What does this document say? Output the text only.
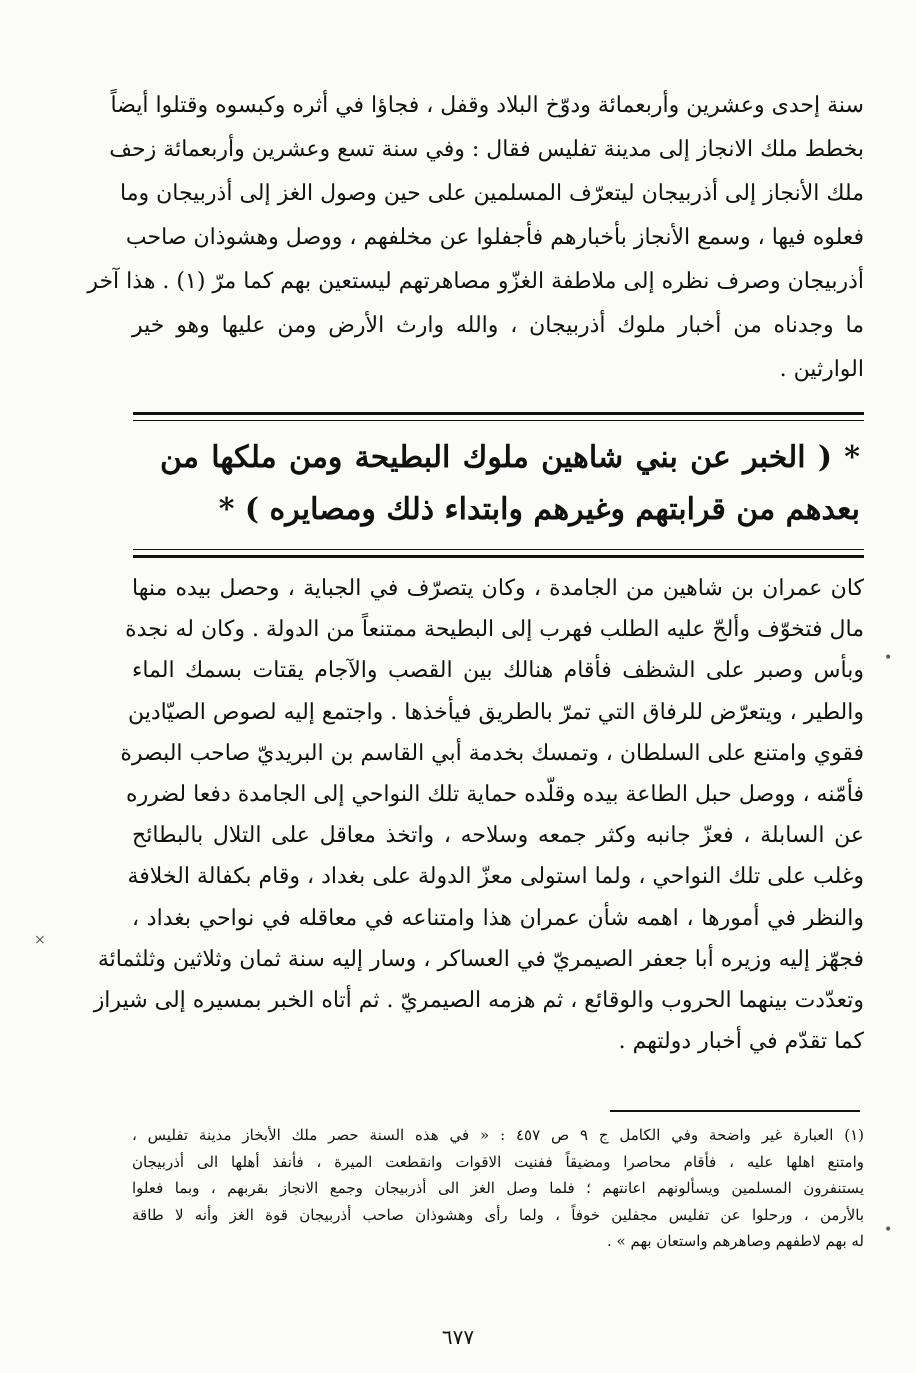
سنة إحدى وعشرين وأربعمائة ودوّخ البلاد وقفل ، فجاؤا في أثره وكبسوه وقتلوا أيضاً
بخطط ملك الانجاز إلى مدينة تفليس فقال : وفي سنة تسع وعشرين وأربعمائة زحف
ملك الأنجاز إلى أذربيجان ليتعرّف المسلمين على حين وصول الغز إلى أذربيجان وما
فعلوه فيها ، وسمع الأنجاز بأخبارهم فأجفلوا عن مخلفهم ، ووصل وهشوذان صاحب
أذربيجان وصرف نظره إلى ملاطفة الغزّو مصاهرتهم ليستعين بهم كما مرّ (١) . هذا آخر
ما وجدناه من أخبار ملوك أذربيجان ، والله وارث الأرض ومن عليها وهو خير
الوارثين .
* ( الخبر عن بني شاهين ملوك البطيحة ومن ملكها من
بعدهم من قرابتهم وغيرهم وابتداء ذلك ومصايره ) *
كان عمران بن شاهين من الجامدة ، وكان يتصرّف في الجباية ، وحصل بيده منها
مال فتخوّف وألحّ عليه الطلب فهرب إلى البطيحة ممتنعاً من الدولة . وكان له نجدة
وبأس وصبر على الشظف فأقام هنالك بين القصب والآجام يقتات بسمك الماء
والطير ، ويتعرّض للرفاق التي تمرّ بالطريق فيأخذها . واجتمع إليه لصوص الصيّادين
فقوي وامتنع على السلطان ، وتمسك بخدمة أبي القاسم بن البريديّ صاحب البصرة
فأمّنه ، ووصل حبل الطاعة بيده وقلّده حماية تلك النواحي إلى الجامدة دفعا لضرره
عن السابلة ، فعزّ جانبه وكثر جمعه وسلاحه ، واتخذ معاقل على التلال بالبطائح
وغلب على تلك النواحي ، ولما استولى معزّ الدولة على بغداد ، وقام بكفالة الخلافة
والنظر في أمورها ، اهمه شأن عمران هذا وامتناعه في معاقله في نواحي بغداد ،
فجهّز إليه وزيره أبا جعفر الصيمريّ في العساكر ، وسار إليه سنة ثمان وثلاثين وثلثمائة
وتعدّدت بينهما الحروب والوقائع ، ثم هزمه الصيمريّ . ثم أتاه الخبر بمسيره إلى شيراز
كما تقدّم في أخبار دولتهم .
(١) العبارة غير واضحة وفي الكامل ج ٩ ص ٤٥٧ : « في هذه السنة حصر ملك الأبخاز مدينة تفليس ،
وامتنع اهلها عليه ، فأقام محاصرا ومضيقاً ففنيت الاقوات وانقطعت الميرة ، فأنفذ أهلها الى أذربيجان
يستنفرون المسلمين ويسألونهم اعانتهم ؛ فلما وصل الغز الى أذربيجان وجمع الانجاز بقربهم ، وبما فعلوا
بالأرمن ، ورحلوا عن تفليس مجفلين خوفاً ، ولما رأى وهشوذان صاحب أذربيجان قوة الغز وأنه لا طاقة
له بهم لاطفهم وصاهرهم واستعان بهم » .
٦٧٧
•
×
•
